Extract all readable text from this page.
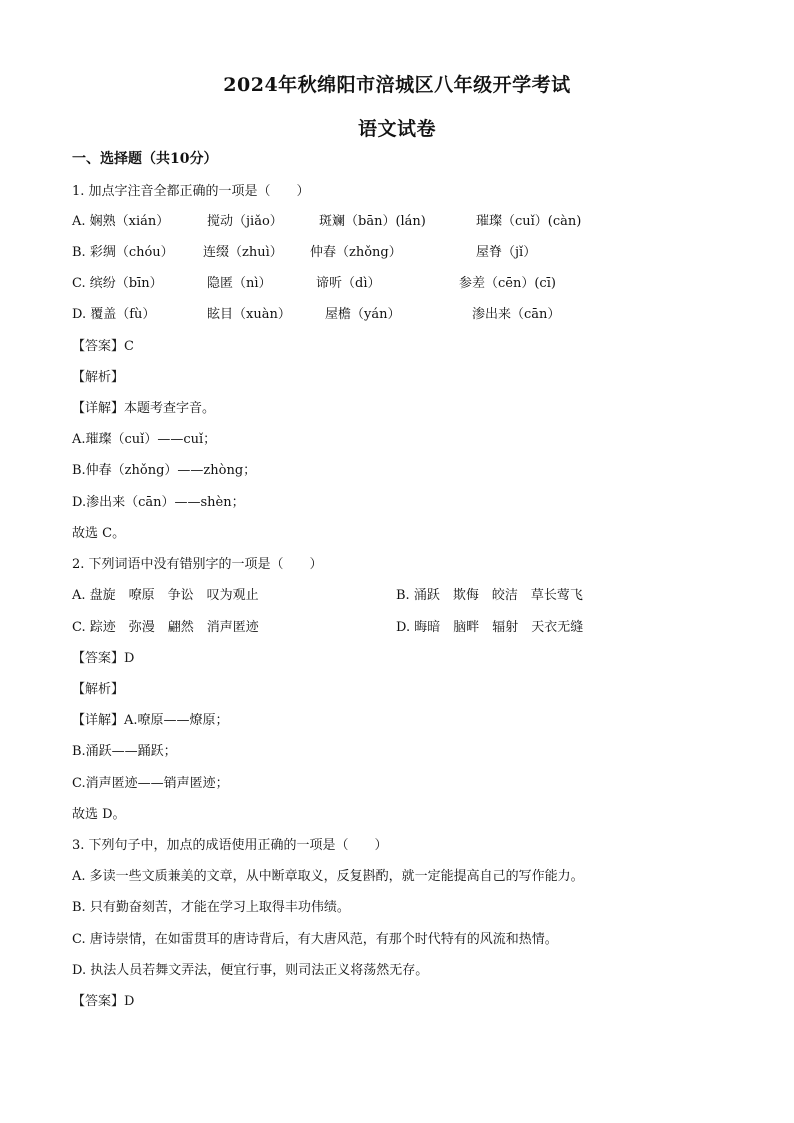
2024年秋绵阳市涪城区八年级开学考试
语文试卷
一、选择题（共10分）
1. 加点字注音全都正确的一项是（　　）
A. 娴熟（xián）	搅动（jiǎo）	斑斓（bān）(lán)	璀璨（cuǐ）(càn)
B. 彩绸（chóu） 连缀（zhuì） 仲春（zhǒng）	屋脊（jǐ）
C. 缤纷（bīn）	隐匿（nì）	谛听（dì）	参差（cēn）(cī)
D. 覆盖（fù）	眩目（xuàn）	屋檐（yán）	渗出来（cān）
【答案】C
【解析】
【详解】本题考查字音。
A.璀璨（cuǐ）——cuǐ；
B.仲春（zhǒng）——zhòng；
D.渗出来（cān）——shèn；
故选 C。
2. 下列词语中没有错别字的一项是（　　）
A. 盘旋　嘹原　争讼　叹为观止	B. 涌跃　欺侮　皎洁　草长莺飞
C. 踪迹　弥漫　翩然　消声匿迹	D. 晦暗　脑畔　辐射　天衣无缝
【答案】D
【解析】
【详解】A.嘹原——燎原；
B.涌跃——踊跃；
C.消声匿迹——销声匿迹；
故选 D。
3. 下列句子中，加点的成语使用正确的一项是（　　）
A. 多读一些文质兼美的文章，从中断章取义，反复斟酌，就一定能提高自己的写作能力。
B. 只有勤奋刻苦，才能在学习上取得丰功伟绩。
C. 唐诗崇情，在如雷贯耳的唐诗背后，有大唐风范，有那个时代特有的风流和热情。
D. 执法人员若舞文弄法，便宜行事，则司法正义将荡然无存。
【答案】D
